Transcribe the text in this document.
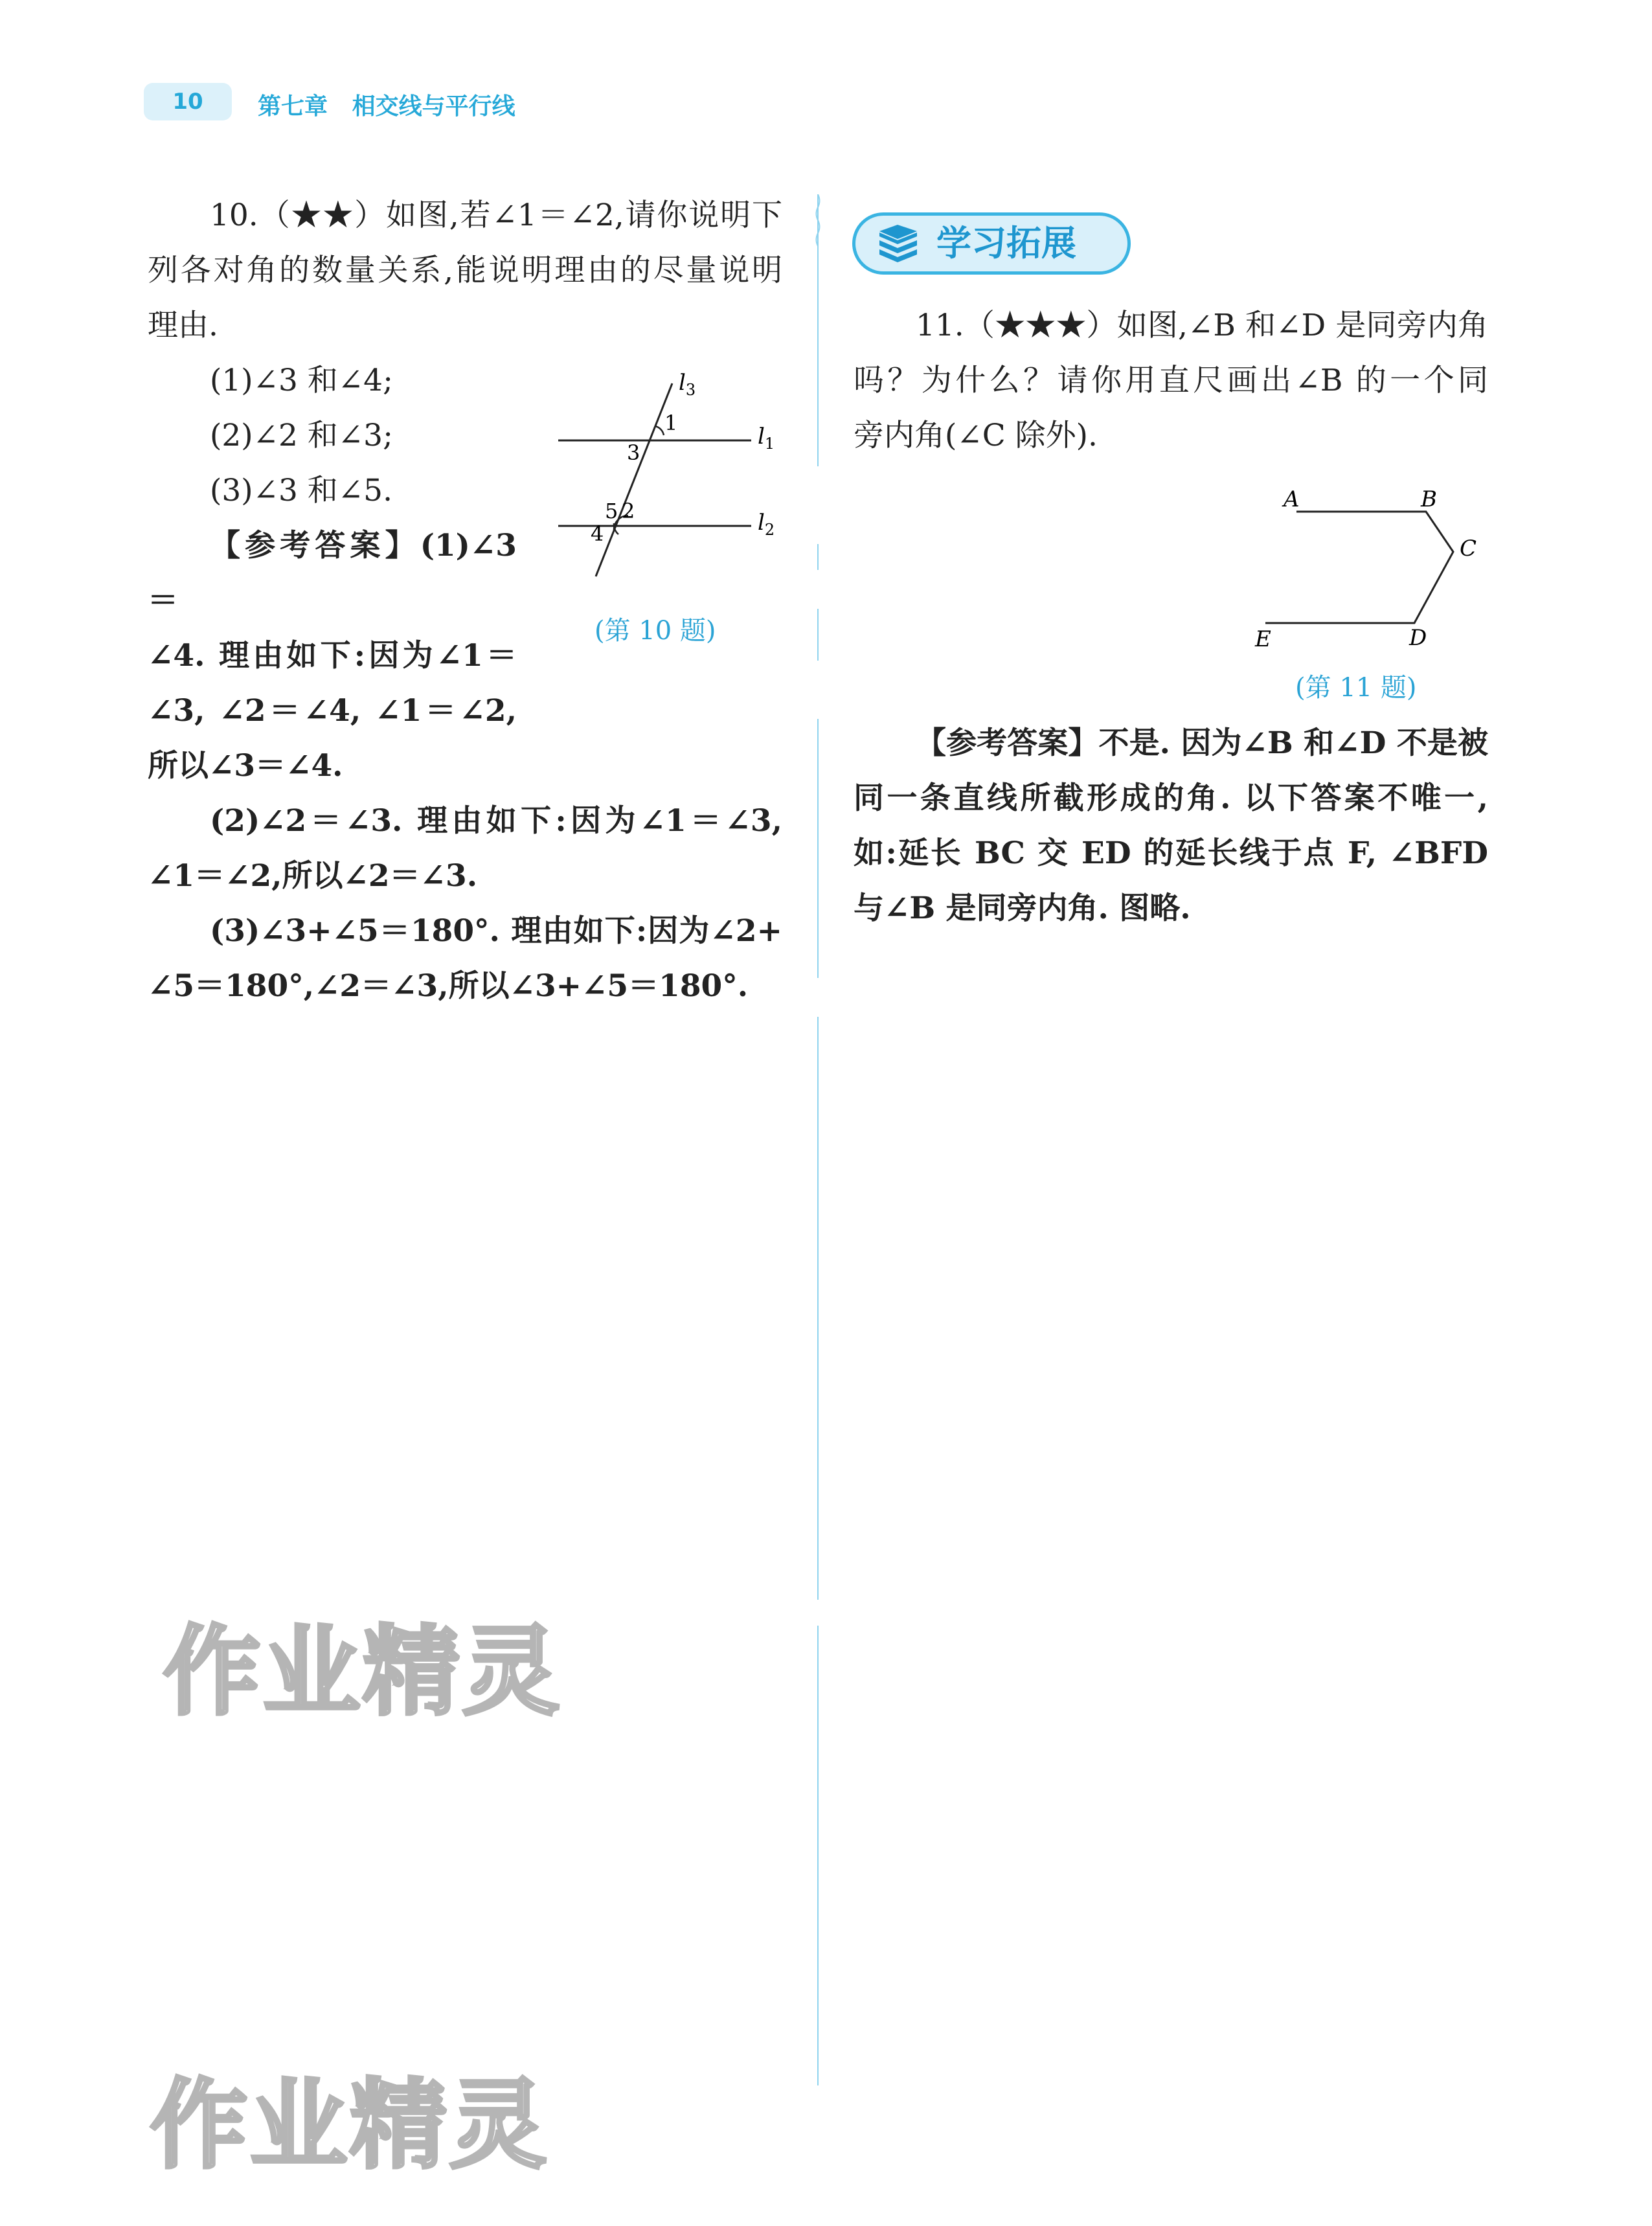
10	第七章 相交线与平行线

10.（★★）如图,若∠1＝∠2,请你说明下

列各对角的数量关系,能说明理由的尽量说明

理由.

(1)∠3 和∠4;

(2)∠2 和∠3;

(3)∠3 和∠5.

【参考答案】(1)∠3＝

∠4. 理由如下:因为∠1＝

∠3, ∠2＝∠4, ∠1＝∠2,

所以∠3＝∠4.

(2)∠2＝∠3. 理由如下:因为∠1＝∠3,

∠1＝∠2,所以∠2＝∠3.

(3)∠3+∠5＝180°. 理由如下:因为∠2+

∠5＝180°,∠2＝∠3,所以∠3+∠5＝180°.

$l_3$
$l_1$
$l_2$
1
3
5 2
4
(第 10 题)
学习拓展

11.（★★★）如图,∠B 和∠D 是同旁内角

吗？为什么？请你用直尺画出∠B 的一个同

旁内角(∠C 除外).

A	B
C
D
E
(第 11 题)

【参考答案】不是. 因为∠B 和∠D 不是被

同一条直线所截形成的角. 以下答案不唯一,

如:延长 BC 交 ED 的延长线于点 F, ∠BFD

与∠B 是同旁内角. 图略.

作业精灵
作业精灵
